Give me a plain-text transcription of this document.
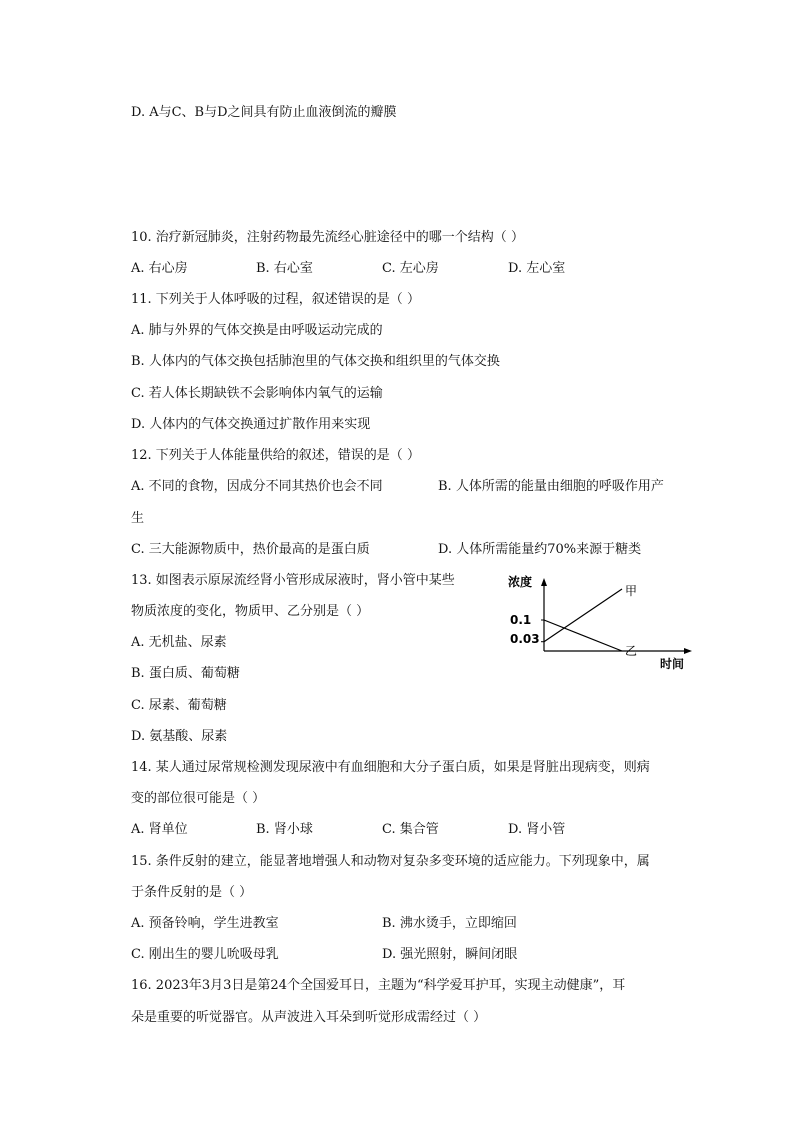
D. A与C、B与D之间具有防止血液倒流的瓣膜
10. 治疗新冠肺炎，注射药物最先流经心脏途径中的哪一个结构（ ）
A. 右心房	B. 右心室	C. 左心房	D. 左心室
11. 下列关于人体呼吸的过程，叙述错误的是（ ）
A. 肺与外界的气体交换是由呼吸运动完成的
B. 人体内的气体交换包括肺泡里的气体交换和组织里的气体交换
C. 若人体长期缺铁不会影响体内氧气的运输
D. 人体内的气体交换通过扩散作用来实现
12. 下列关于人体能量供给的叙述，错误的是（ ）
A. 不同的食物，因成分不同其热价也会不同	B. 人体所需的能量由细胞的呼吸作用产
生
C. 三大能源物质中，热价最高的是蛋白质	D. 人体所需能量约70%来源于糖类
13. 如图表示原尿流经肾小管形成尿液时，肾小管中某些
物质浓度的变化，物质甲、乙分别是（ ）
A. 无机盐、尿素
B. 蛋白质、葡萄糖
C. 尿素、葡萄糖
D. 氨基酸、尿素
浓度
时间
0.1
0.03
甲
乙
14. 某人通过尿常规检测发现尿液中有血细胞和大分子蛋白质，如果是肾脏出现病变，则病
变的部位很可能是（ ）
A. 肾单位	B. 肾小球	C. 集合管	D. 肾小管
15. 条件反射的建立，能显著地增强人和动物对复杂多变环境的适应能力。下列现象中，属
于条件反射的是（ ）
A. 预备铃响，学生进教室	B. 沸水烫手，立即缩回
C. 刚出生的婴儿吮吸母乳	D. 强光照射，瞬间闭眼
16. 2023年3月3日是第24个全国爱耳日，主题为“科学爱耳护耳，实现主动健康”，耳
朵是重要的听觉器官。从声波进入耳朵到听觉形成需经过（ ）
